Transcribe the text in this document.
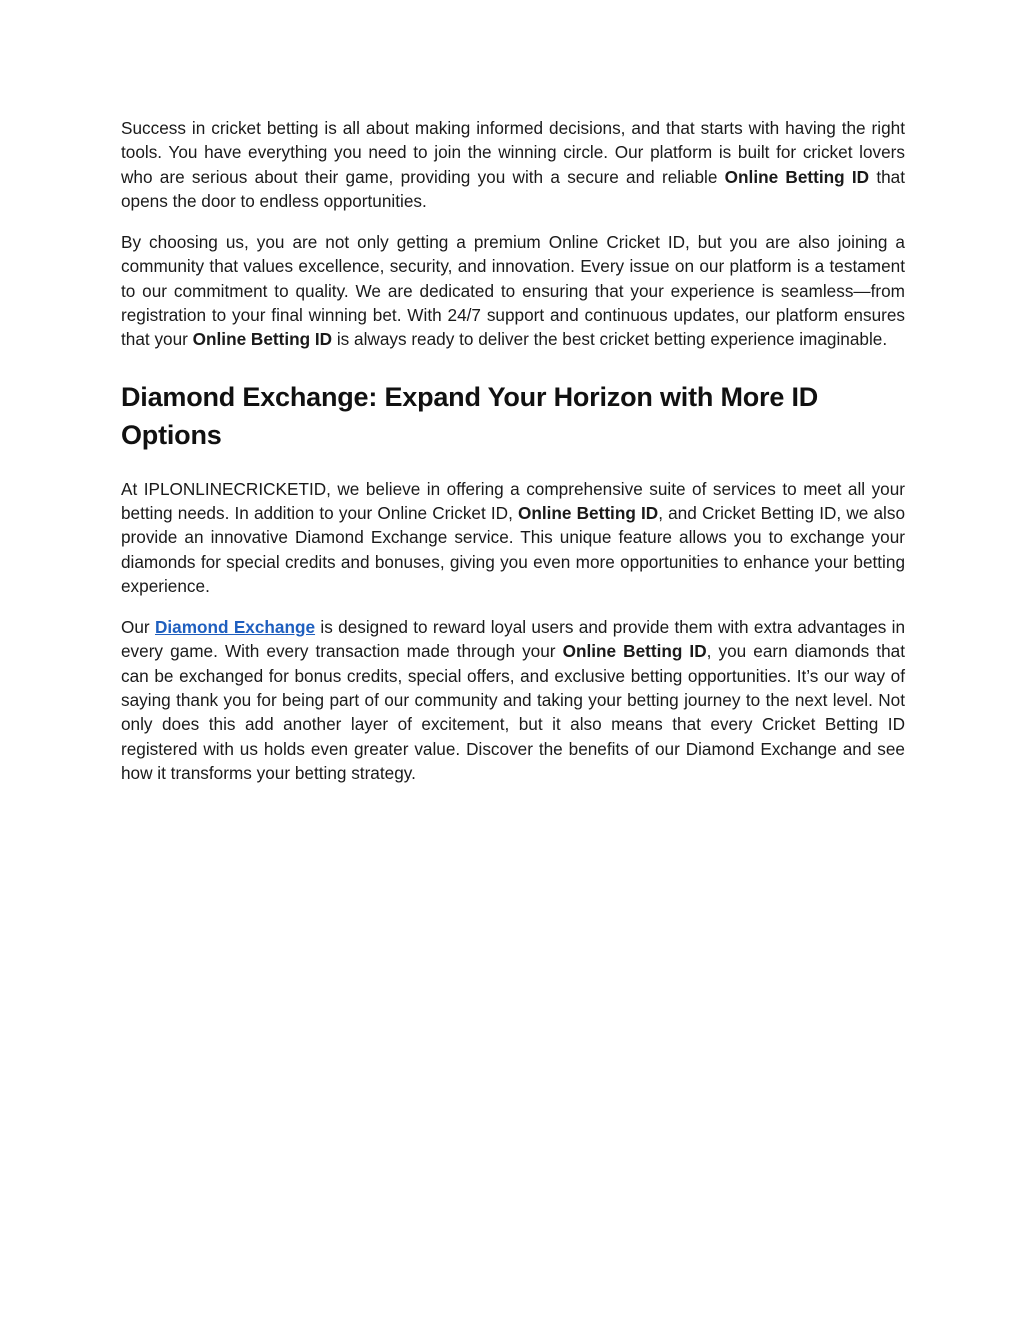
Success in cricket betting is all about making informed decisions, and that starts with having the right tools. You have everything you need to join the winning circle. Our platform is built for cricket lovers who are serious about their game, providing you with a secure and reliable Online Betting ID that opens the door to endless opportunities.

By choosing us, you are not only getting a premium Online Cricket ID, but you are also joining a community that values excellence, security, and innovation. Every issue on our platform is a testament to our commitment to quality. We are dedicated to ensuring that your experience is seamless—from registration to your final winning bet. With 24/7 support and continuous updates, our platform ensures that your Online Betting ID is always ready to deliver the best cricket betting experience imaginable.

Diamond Exchange: Expand Your Horizon with More ID Options

At IPLONLINECRICKETID, we believe in offering a comprehensive suite of services to meet all your betting needs. In addition to your Online Cricket ID, Online Betting ID, and Cricket Betting ID, we also provide an innovative Diamond Exchange service. This unique feature allows you to exchange your diamonds for special credits and bonuses, giving you even more opportunities to enhance your betting experience.

Our Diamond Exchange is designed to reward loyal users and provide them with extra advantages in every game. With every transaction made through your Online Betting ID, you earn diamonds that can be exchanged for bonus credits, special offers, and exclusive betting opportunities. It’s our way of saying thank you for being part of our community and taking your betting journey to the next level. Not only does this add another layer of excitement, but it also means that every Cricket Betting ID registered with us holds even greater value. Discover the benefits of our Diamond Exchange and see how it transforms your betting strategy.
